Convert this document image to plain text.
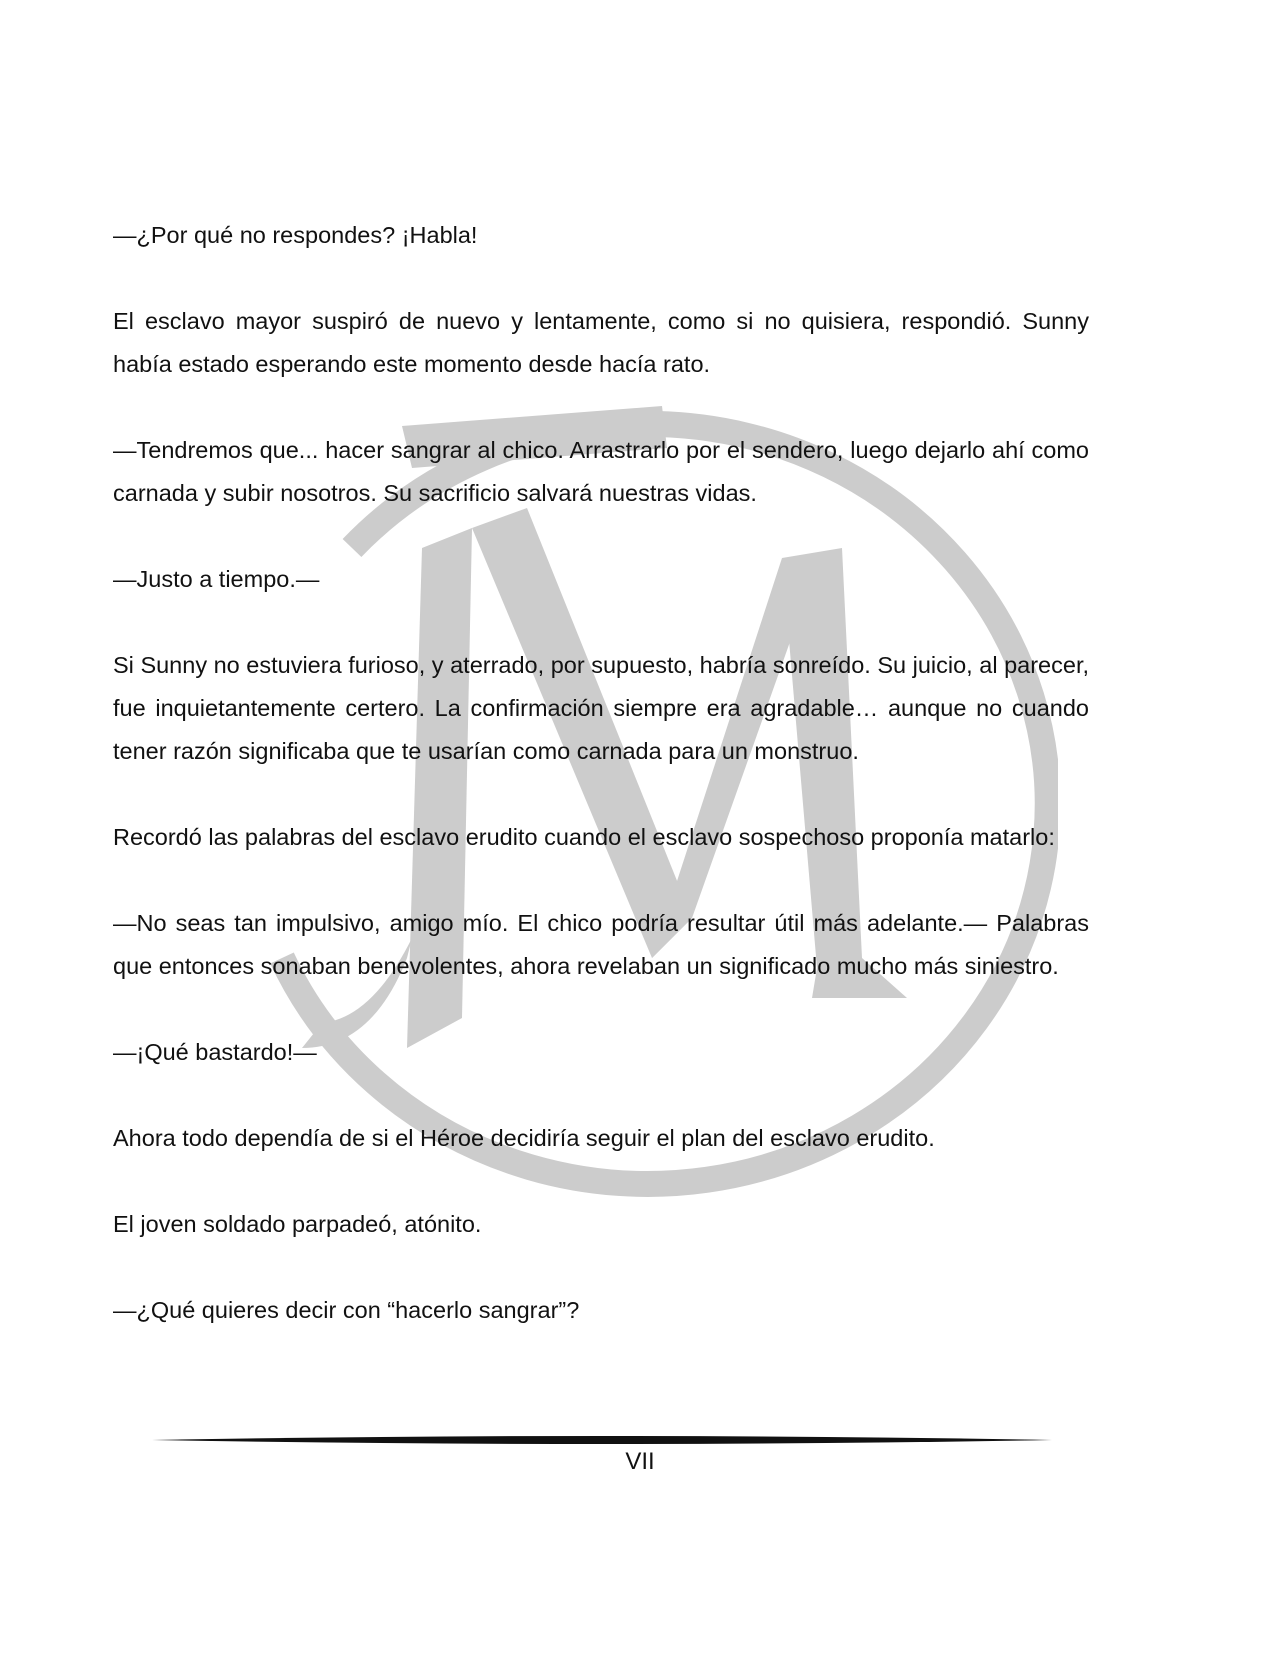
—¿Por qué no respondes? ¡Habla!

El esclavo mayor suspiró de nuevo y lentamente, como si no quisiera, respondió. Sunny había estado esperando este momento desde hacía rato.

—Tendremos que... hacer sangrar al chico. Arrastrarlo por el sendero, luego dejarlo ahí como carnada y subir nosotros. Su sacrificio salvará nuestras vidas.

—Justo a tiempo.—

Si Sunny no estuviera furioso, y aterrado, por supuesto, habría sonreído. Su juicio, al parecer, fue inquietantemente certero. La confirmación siempre era agradable… aunque no cuando tener razón significaba que te usarían como carnada para un monstruo.

Recordó las palabras del esclavo erudito cuando el esclavo sospechoso proponía matarlo:

—No seas tan impulsivo, amigo mío. El chico podría resultar útil más adelante.— Palabras que entonces sonaban benevolentes, ahora revelaban un significado mucho más siniestro.

—¡Qué bastardo!—

Ahora todo dependía de si el Héroe decidiría seguir el plan del esclavo erudito.

El joven soldado parpadeó, atónito.

—¿Qué quieres decir con “hacerlo sangrar”?

VII
